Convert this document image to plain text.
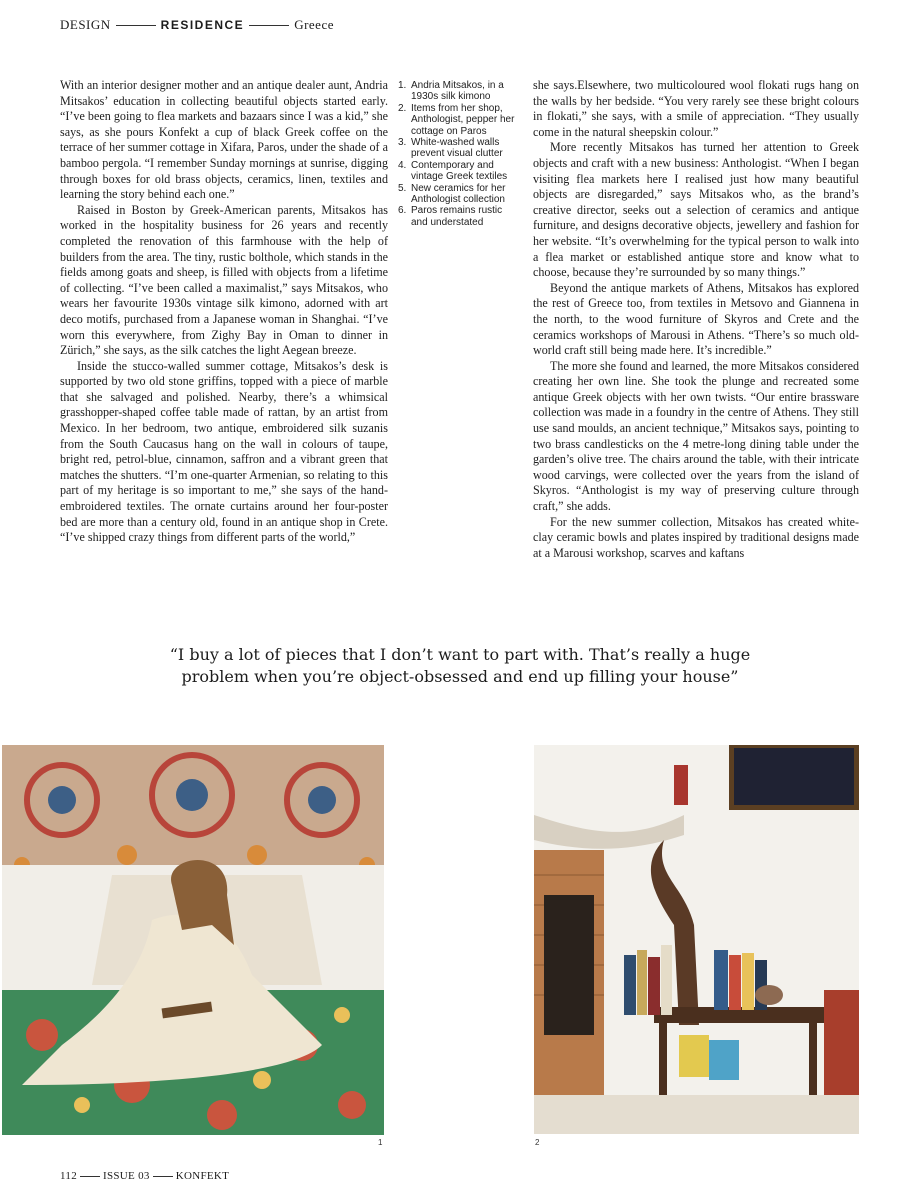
DESIGN	RESIDENCE	Greece

With an interior designer mother and an antique dealer aunt, Andria Mitsakos’ education in collecting beautiful objects started early. “I’ve been going to flea markets and bazaars since I was a kid,” she says, as she pours Konfekt a cup of black Greek coffee on the terrace of her summer cottage in Xifara, Paros, under the shade of a bamboo pergola. “I remember Sunday mornings at sunrise, digging through boxes for old brass objects, ceramics, linen, textiles and learning the story behind each one.”

Raised in Boston by Greek-American parents, Mitsakos has worked in the hospitality business for 26 years and recently completed the renovation of this farmhouse with the help of builders from the area. The tiny, rustic bolthole, which stands in the fields among goats and sheep, is filled with objects from a lifetime of collecting. “I’ve been called a maximalist,” says Mitsakos, who wears her favourite 1930s vintage silk kimono, adorned with art deco motifs, purchased from a Japanese woman in Shanghai. “I’ve worn this everywhere, from Zighy Bay in Oman to dinner in Zürich,” she says, as the silk catches the light Aegean breeze.

Inside the stucco-walled summer cottage, Mitsakos’s desk is supported by two old stone griffins, topped with a piece of marble that she salvaged and polished. Nearby, there’s a whimsical grasshopper-shaped coffee table made of rattan, by an artist from Mexico. In her bedroom, two antique, embroidered silk suzanis from the South Caucasus hang on the wall in colours of taupe, bright red, petrol-blue, cinnamon, saffron and a vibrant green that matches the shutters. “I’m one-quarter Armenian, so relating to this part of my heritage is so important to me,” she says of the hand-embroidered textiles. The ornate curtains around her four-poster bed are more than a century old, found in an antique shop in Crete. “I’ve shipped crazy things from different parts of the world,”

1. Andria Mitsakos, in a 1930s silk kimono
2. Items from her shop, Anthologist, pepper her cottage on Paros
3. White-washed walls prevent visual clutter
4. Contemporary and vintage Greek textiles
5. New ceramics for her Anthologist collection
6. Paros remains rustic and understated

she says.Elsewhere, two multicoloured wool flokati rugs hang on the walls by her bedside. “You very rarely see these bright colours in flokati,” she says, with a smile of appreciation. “They usually come in the natural sheepskin colour.”

More recently Mitsakos has turned her attention to Greek objects and craft with a new business: Anthologist. “When I began visiting flea markets here I realised just how many beautiful objects are disregarded,” says Mitsakos who, as the brand’s creative director, seeks out a selection of ceramics and antique furniture, and designs decorative objects, jewellery and fashion for her website. “It’s overwhelming for the typical person to walk into a flea market or established antique store and know what to choose, because they’re surrounded by so many things.”

Beyond the antique markets of Athens, Mitsakos has explored the rest of Greece too, from textiles in Metsovo and Giannena in the north, to the wood furniture of Skyros and Crete and the ceramics workshops of Marousi in Athens. “There’s so much old-world craft still being made here. It’s incredible.”

The more she found and learned, the more Mitsakos considered creating her own line. She took the plunge and recreated some antique Greek objects with her own twists. “Our entire brassware collection was made in a foundry in the centre of Athens. They still use sand moulds, an ancient technique,” Mitsakos says, pointing to two brass candlesticks on the 4 metre-long dining table under the garden’s olive tree. The chairs around the table, with their intricate wood carvings, were collected over the years from the island of Skyros. “Anthologist is my way of preserving culture through craft,” she adds.

For the new summer collection, Mitsakos has created white-clay ceramic bowls and plates inspired by traditional designs made at a Marousi workshop, scarves and kaftans

“I buy a lot of pieces that I don’t want to part with. That’s really a huge problem when you’re object-obsessed and end up filling your house”
1	2
112 ISSUE 03 KONFEKT
